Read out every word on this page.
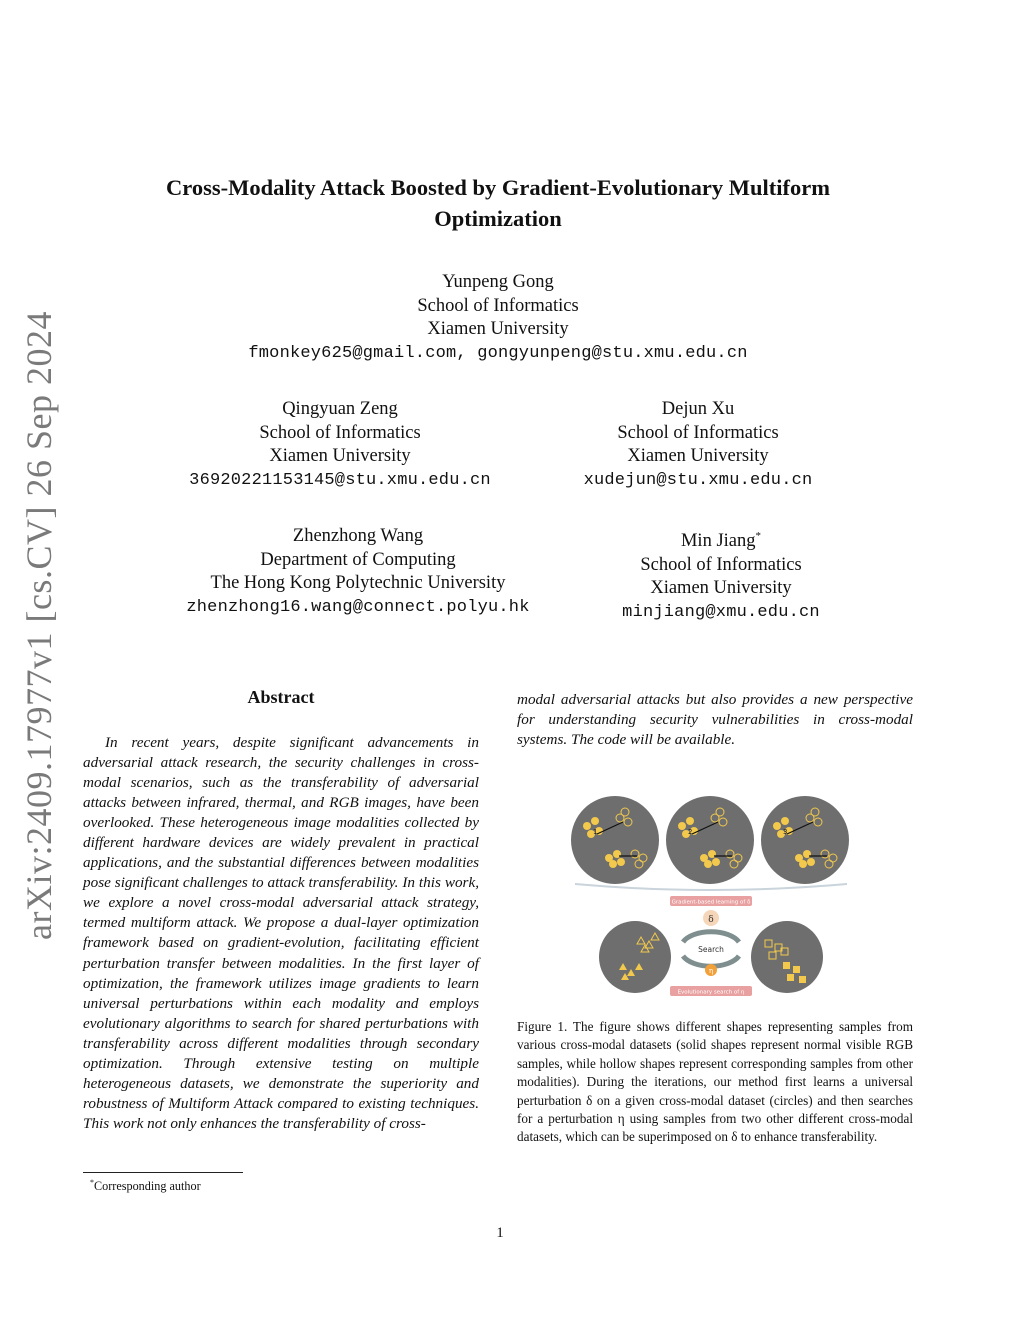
arXiv:2409.17977v1 [cs.CV] 26 Sep 2024
Cross-Modality Attack Boosted by Gradient-Evolutionary Multiform
Optimization
Yunpeng Gong
School of Informatics
Xiamen University
fmonkey625@gmail.com, gongyunpeng@stu.xmu.edu.cn
Qingyuan Zeng
School of Informatics
Xiamen University
36920221153145@stu.xmu.edu.cn
Dejun Xu
School of Informatics
Xiamen University
xudejun@stu.xmu.edu.cn
Zhenzhong Wang
Department of Computing
The Hong Kong Polytechnic University
zhenzhong16.wang@connect.polyu.hk
Min Jiang*
School of Informatics
Xiamen University
minjiang@xmu.edu.cn
Abstract
In recent years, despite significant advancements in adversarial attack research, the security challenges in cross-modal scenarios, such as the transferability of adversarial attacks between infrared, thermal, and RGB images, have been overlooked. These heterogeneous image modalities collected by different hardware devices are widely prevalent in practical applications, and the substantial differences between modalities pose significant challenges to attack transferability. In this work, we explore a novel cross-modal adversarial attack strategy, termed multiform attack. We propose a dual-layer optimization framework based on gradient-evolution, facilitating efficient perturbation transfer between modalities. In the first layer of optimization, the framework utilizes image gradients to learn universal perturbations within each modality and employs evolutionary algorithms to search for shared perturbations with transferability across different modalities through secondary optimization. Through extensive testing on multiple heterogeneous datasets, we demonstrate the superiority and robustness of Multiform Attack compared to existing techniques. This work not only enhances the transferability of cross-
modal adversarial attacks but also provides a new perspective for understanding security vulnerabilities in cross-modal systems. The code will be available.
1	2	3
Gradient-based learning of δ
δ
Search
η
Evolutionary search of η
Figure 1. The figure shows different shapes representing samples from various cross-modal datasets (solid shapes represent normal visible RGB samples, while hollow shapes represent corresponding samples from other modalities). During the iterations, our method first learns a universal perturbation δ on a given cross-modal dataset (circles) and then searches for a perturbation η using samples from two other different cross-modal datasets, which can be superimposed on δ to enhance transferability.
*Corresponding author
1
